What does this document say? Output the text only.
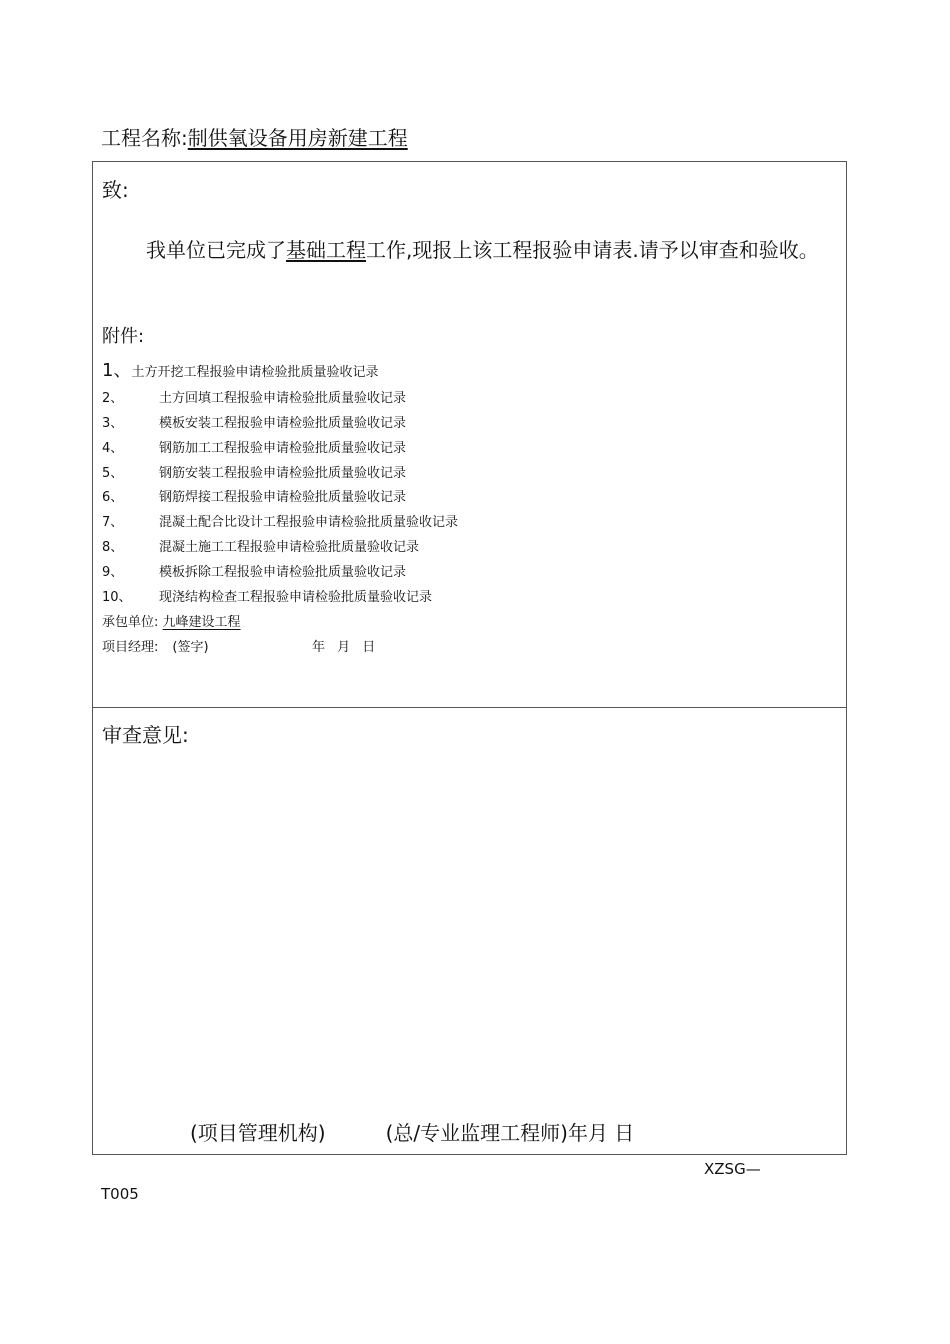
工程名称:制供氧设备用房新建工程
致:
我单位已完成了基础工程工作,现报上该工程报验申请表.请予以审查和验收。
附件:
1、土方开挖工程报验申请检验批质量验收记录
2、	土方回填工程报验申请检验批质量验收记录
3、	模板安装工程报验申请检验批质量验收记录
4、	钢筋加工工程报验申请检验批质量验收记录
5、	钢筋安装工程报验申请检验批质量验收记录
6、	钢筋焊接工程报验申请检验批质量验收记录
7、	混凝土配合比设计工程报验申请检验批质量验收记录
8、	混凝土施工工程报验申请检验批质量验收记录
9、	模板拆除工程报验申请检验批质量验收记录
10、 现浇结构检查工程报验申请检验批质量验收记录
承包单位: 九峰建设工程
项目经理: (签字)	年 月 日
审查意见:
(项目管理机构)	(总/专业监理工程师)年月 日
XZSG—
T005
